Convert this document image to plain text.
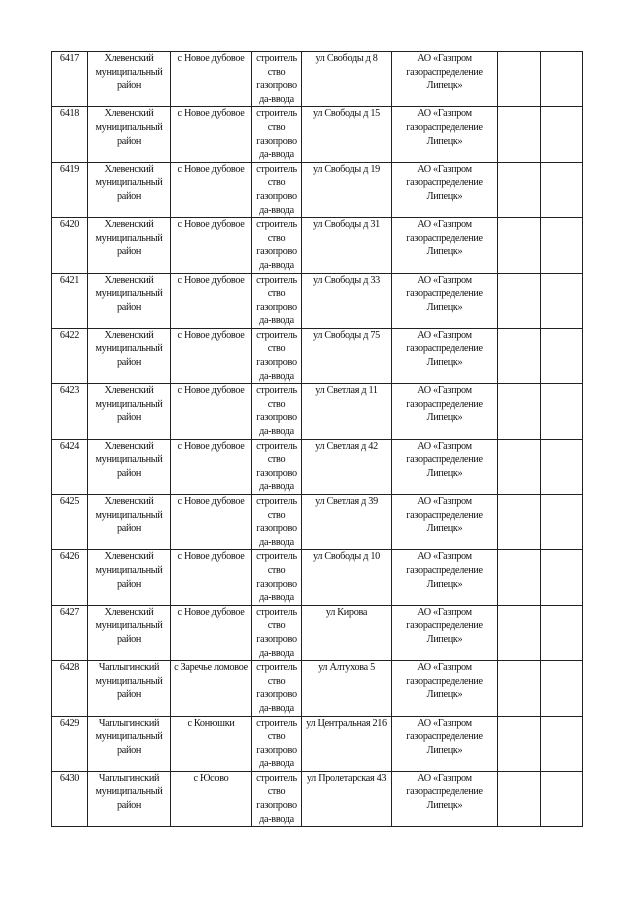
6417	Хлевенский муниципальный район	с Новое дубовое	строитель ство газопрово да-ввода	ул Свободы д 8	АО «Газпром газораспределение Липецк»		
6418	Хлевенский муниципальный район	с Новое дубовое	строитель ство газопрово да-ввода	ул Свободы д 15	АО «Газпром газораспределение Липецк»		
6419	Хлевенский муниципальный район	с Новое дубовое	строитель ство газопрово да-ввода	ул Свободы д 19	АО «Газпром газораспределение Липецк»		
6420	Хлевенский муниципальный район	с Новое дубовое	строитель ство газопрово да-ввода	ул Свободы д 31	АО «Газпром газораспределение Липецк»		
6421	Хлевенский муниципальный район	с Новое дубовое	строитель ство газопрово да-ввода	ул Свободы д 33	АО «Газпром газораспределение Липецк»		
6422	Хлевенский муниципальный район	с Новое дубовое	строитель ство газопрово да-ввода	ул Свободы д 75	АО «Газпром газораспределение Липецк»		
6423	Хлевенский муниципальный район	с Новое дубовое	строитель ство газопрово да-ввода	ул Светлая д 11	АО «Газпром газораспределение Липецк»		
6424	Хлевенский муниципальный район	с Новое дубовое	строитель ство газопрово да-ввода	ул Светлая д 42	АО «Газпром газораспределение Липецк»		
6425	Хлевенский муниципальный район	с Новое дубовое	строитель ство газопрово да-ввода	ул Светлая д 39	АО «Газпром газораспределение Липецк»		
6426	Хлевенский муниципальный район	с Новое дубовое	строитель ство газопрово да-ввода	ул Свободы д 10	АО «Газпром газораспределение Липецк»		
6427	Хлевенский муниципальный район	с Новое дубовое	строитель ство газопрово да-ввода	ул Кирова	АО «Газпром газораспределение Липецк»		
6428	Чаплыгинский муниципальный район	с Заречье ломовое	строитель ство газопрово да-ввода	ул Алтухова 5	АО «Газпром газораспределение Липецк»		
6429	Чаплыгинский муниципальный район	с Конюшки	строитель ство газопрово да-ввода	ул Центральная 216	АО «Газпром газораспределение Липецк»		
6430	Чаплыгинский муниципальный район	с Юсово	строитель ство газопрово да-ввода	ул Пролетарская 43	АО «Газпром газораспределение Липецк»		
